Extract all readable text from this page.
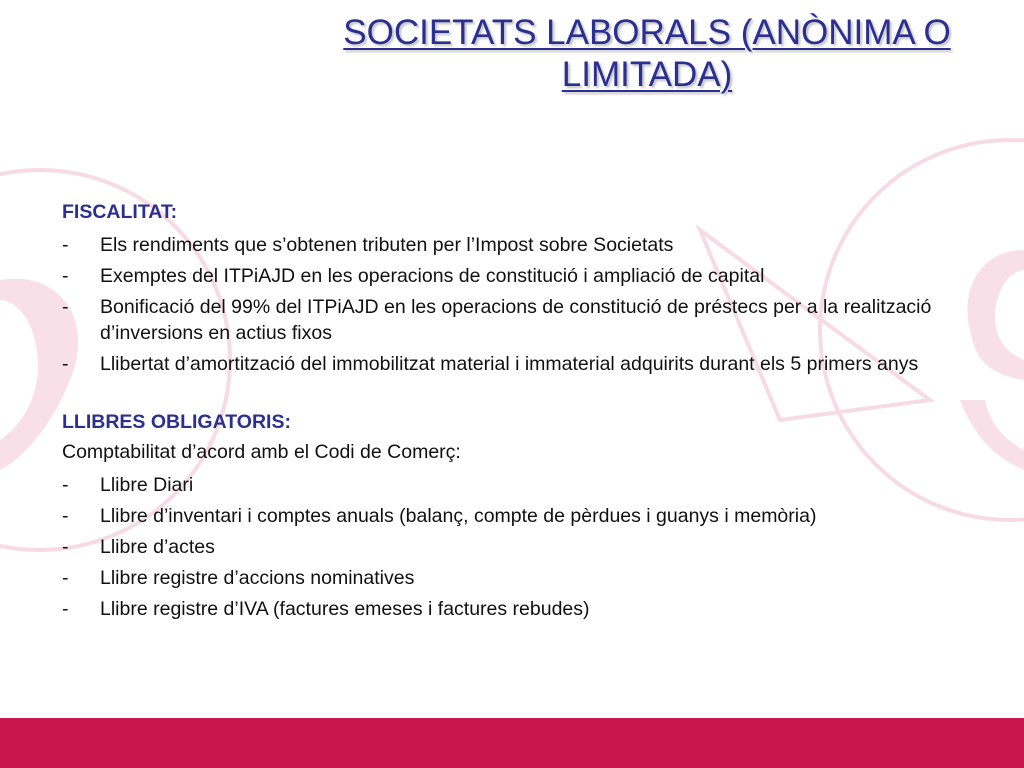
SOCIETATS LABORALS (ANÒNIMA O LIMITADA)

FISCALITAT:

-	Els rendiments que s’obtenen tributen per l’Impost sobre Societats
-	Exemptes del ITPiAJD en les operacions de constitució i ampliació de capital
-	Bonificació del 99% del ITPiAJD en les operacions de constitució de préstecs per a la realització d’inversions en actius fixos
-	Llibertat d’amortització del immobilitzat material i immaterial adquirits durant els 5 primers anys

LLIBRES OBLIGATORIS:

Comptabilitat d’acord amb el Codi de Comerç:

-	Llibre Diari
-	Llibre d’inventari i comptes anuals (balanç, compte de pèrdues i guanys i memòria)
-	Llibre d’actes
-	Llibre registre d’accions nominatives
-	Llibre registre d’IVA (factures emeses i factures rebudes)
